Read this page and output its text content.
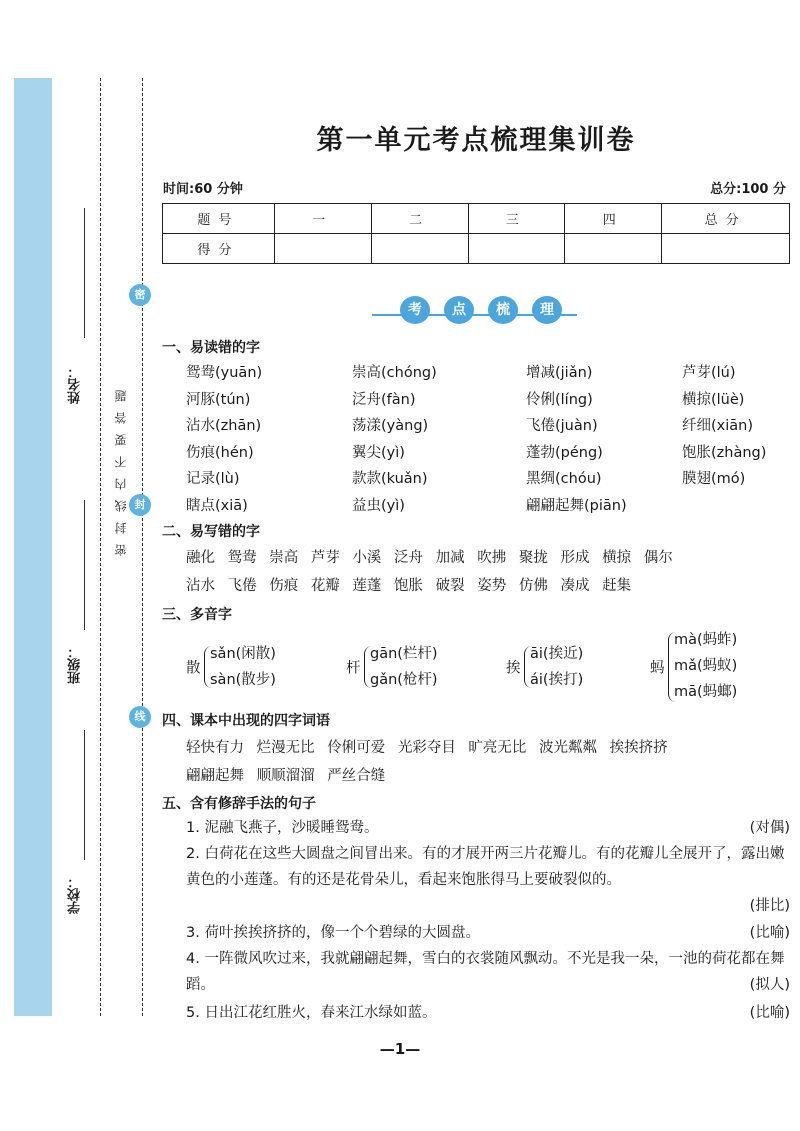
姓名：
班级：
学校：
密
封
线
密封线内不要答题
第一单元考点梳理集训卷
时间:60 分钟	总分:100 分
题号	一	二	三	四	总分
得分					
考	点	梳	理
一、易读错的字
鸳鸯(yuān)	崇高(chóng)	增减(jiǎn)	芦芽(lú)
河豚(tún)	泛舟(fàn)	伶俐(líng)	横掠(lüè)
沾水(zhān)	荡漾(yàng)	飞倦(juàn)	纤细(xiān)
伤痕(hén)	翼尖(yì)	蓬勃(péng)	饱胀(zhàng)
记录(lù)	款款(kuǎn)	黑绸(chóu)	膜翅(mó)
瞎点(xiā)	益虫(yì)	翩翩起舞(piān)
二、易写错的字
融化 鸳鸯 崇高 芦芽 小溪 泛舟 加减 吹拂 聚拢 形成 横掠 偶尔
沾水 飞倦 伤痕 花瓣 莲蓬 饱胀 破裂 姿势 仿佛 凑成 赶集
三、多音字
散
sǎn(闲散)
sàn(散步)
杆
gān(栏杆)
gǎn(枪杆)
挨
āi(挨近)
ái(挨打)
蚂
mà(蚂蚱)
mǎ(蚂蚁)
mā(蚂螂)
四、课本中出现的四字词语
轻快有力 烂漫无比 伶俐可爱 光彩夺目 旷亮无比 波光粼粼 挨挨挤挤
翩翩起舞 顺顺溜溜 严丝合缝
五、含有修辞手法的句子
1. 泥融飞燕子，沙暖睡鸳鸯。	(对偶)
2. 白荷花在这些大圆盘之间冒出来。有的才展开两三片花瓣儿。有的花瓣儿全展开了，露出嫩黄色的小莲蓬。有的还是花骨朵儿，看起来饱胀得马上要破裂似的。
(排比)
3. 荷叶挨挨挤挤的，像一个个碧绿的大圆盘。	(比喻)
4. 一阵微风吹过来，我就翩翩起舞，雪白的衣裳随风飘动。不光是我一朵，一池的荷花都在舞蹈。	(拟人)
5. 日出江花红胜火，春来江水绿如蓝。	(比喻)
—1—
